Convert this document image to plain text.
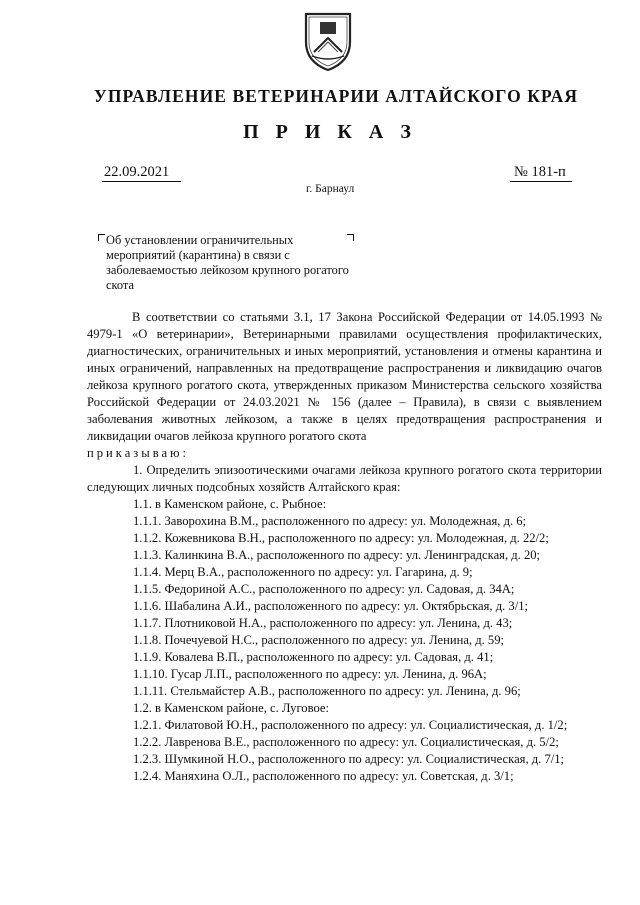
УПРАВЛЕНИЕ ВЕТЕРИНАРИИ АЛТАЙСКОГО КРАЯ
П Р И К А З
22.09.2021	№ 181-п
г. Барнаул
Об установлении ограничительных мероприятий (карантина) в связи с заболеваемостью лейкозом крупного рогатого скота

В соответствии со статьями 3.1, 17 Закона Российской Федерации от 14.05.1993 № 4979-1 «О ветеринарии», Ветеринарными правилами осуществления профилактических, диагностических, ограничительных и иных мероприятий, установления и отмены карантина и иных ограничений, направленных на предотвращение распространения и ликвидацию очагов лейкоза крупного рогатого скота, утвержденных приказом Министерства сельского хозяйства Российской Федерации от 24.03.2021 № 156 (далее – Правила), в связи с выявлением заболевания животных лейкозом, а также в целях предотвращения распространения и ликвидации очагов лейкоза крупного рогатого скота

приказываю:

1. Определить эпизоотическими очагами лейкоза крупного рогатого скота территории следующих личных подсобных хозяйств Алтайского края:

1.1. в Каменском районе, с. Рыбное:

1.1.1. Заворохина В.М., расположенного по адресу: ул. Молодежная, д. 6;

1.1.2. Кожевникова В.Н., расположенного по адресу: ул. Молодежная, д. 22/2;

1.1.3. Калинкина В.А., расположенного по адресу: ул. Ленинградская, д. 20;

1.1.4. Мерц В.А., расположенного по адресу: ул. Гагарина, д. 9;

1.1.5. Федориной А.С., расположенного по адресу: ул. Садовая, д. 34А;

1.1.6. Шабалина А.И., расположенного по адресу: ул. Октябрьская, д. 3/1;

1.1.7. Плотниковой Н.А., расположенного по адресу: ул. Ленина, д. 43;

1.1.8. Почечуевой Н.С., расположенного по адресу: ул. Ленина, д. 59;

1.1.9. Ковалева В.П., расположенного по адресу: ул. Садовая, д. 41;

1.1.10. Гусар Л.П., расположенного по адресу: ул. Ленина, д. 96А;

1.1.11. Стельмайстер А.В., расположенного по адресу: ул. Ленина, д. 96;

1.2. в Каменском районе, с. Луговое:

1.2.1. Филатовой Ю.Н., расположенного по адресу: ул. Социалистическая, д. 1/2;

1.2.2. Лавренова В.Е., расположенного по адресу: ул. Социалистическая, д. 5/2;

1.2.3. Шумкиной Н.О., расположенного по адресу: ул. Социалистическая, д. 7/1;

1.2.4. Маняхина О.Л., расположенного по адресу: ул. Советская, д. 3/1;
